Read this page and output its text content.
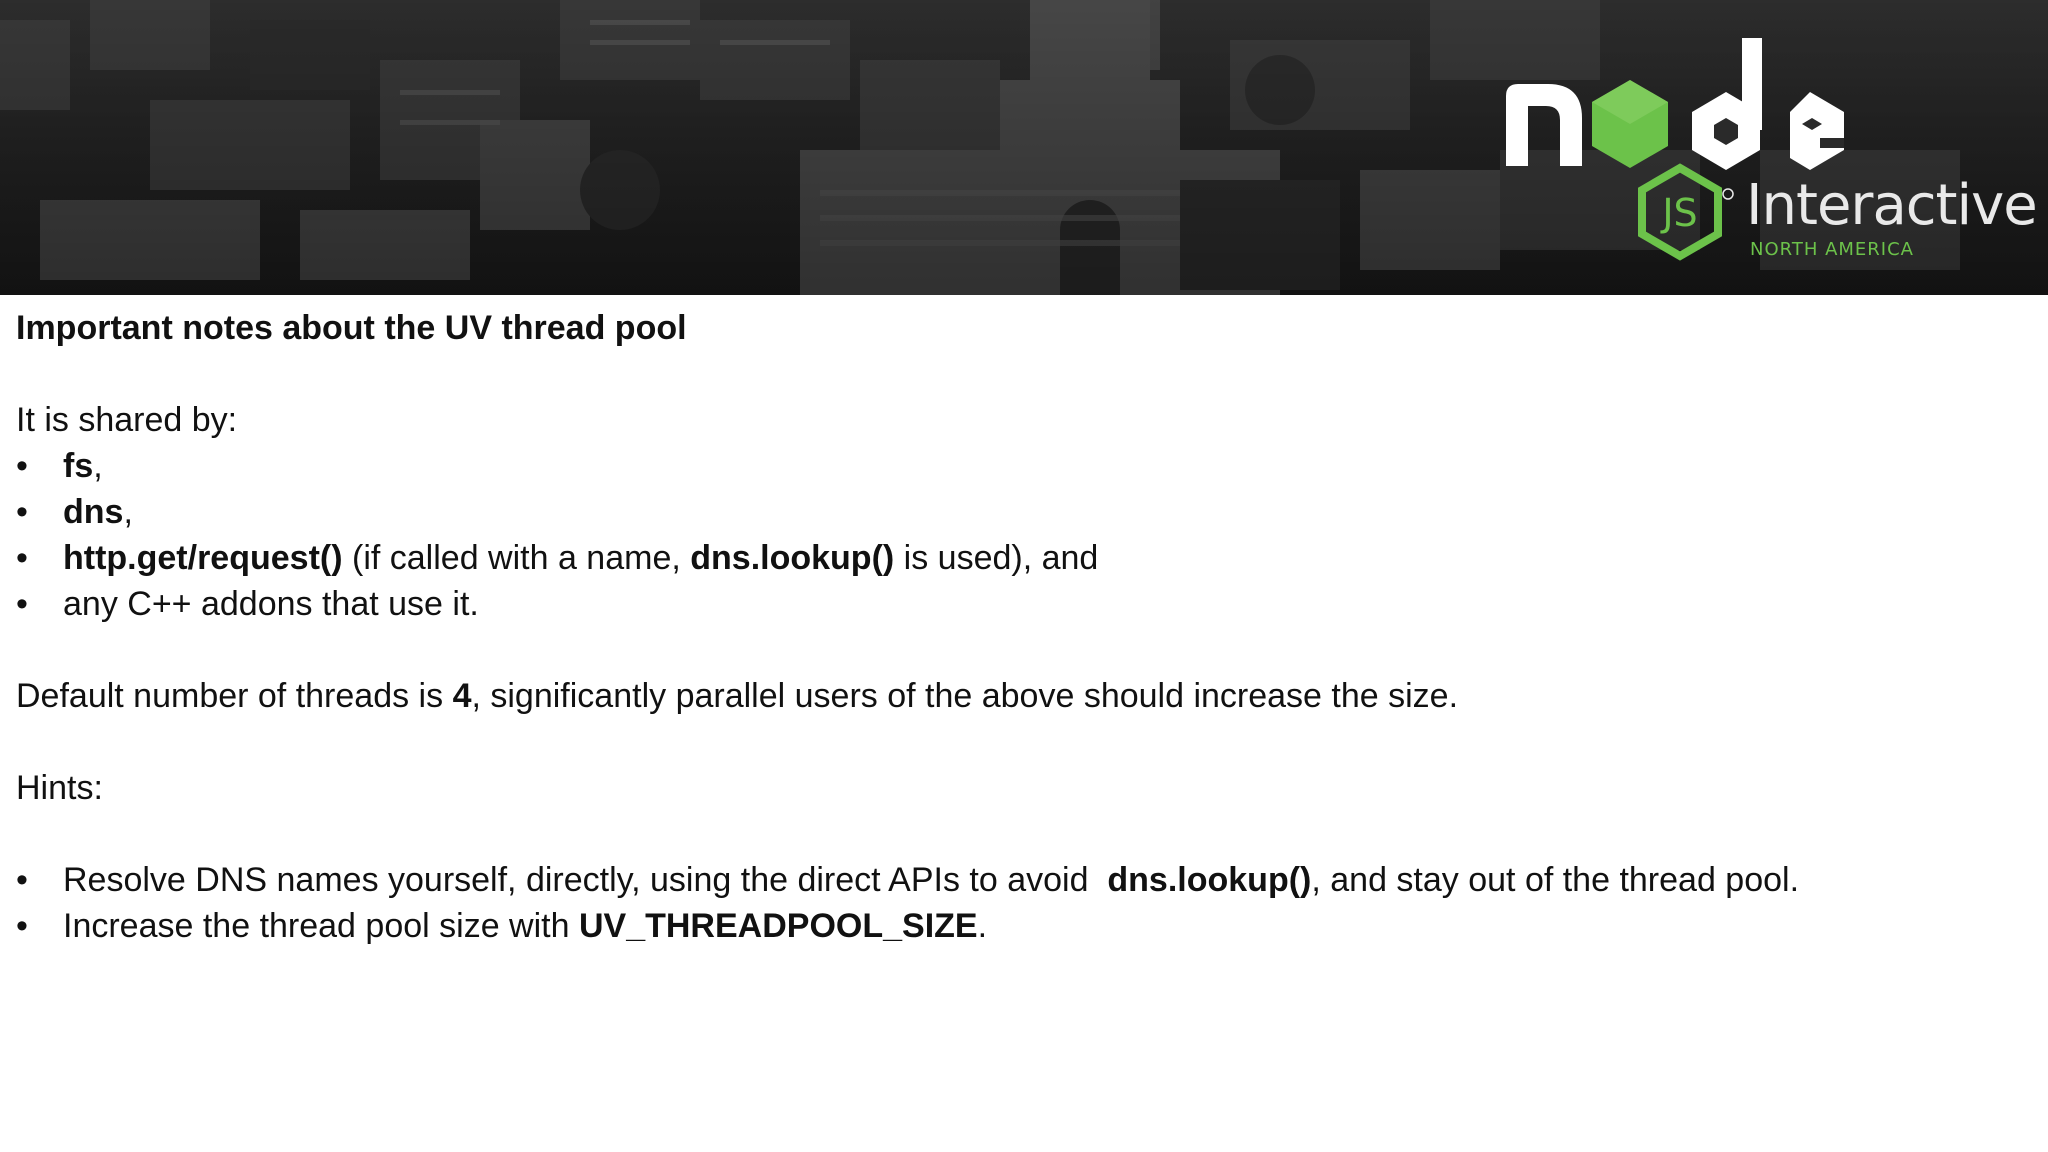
JS Interactive
NORTH AMERICA
Important notes about the UV thread pool
It is shared by:
• fs,
• dns,
• http.get/request() (if called with a name, dns.lookup() is used), and
• any C++ addons that use it.
Default number of threads is 4, significantly parallel users of the above should increase the size.
Hints:
• Resolve DNS names yourself, directly, using the direct APIs to avoid  dns.lookup(), and stay out of the thread pool.
• Increase the thread pool size with UV_THREADPOOL_SIZE.
